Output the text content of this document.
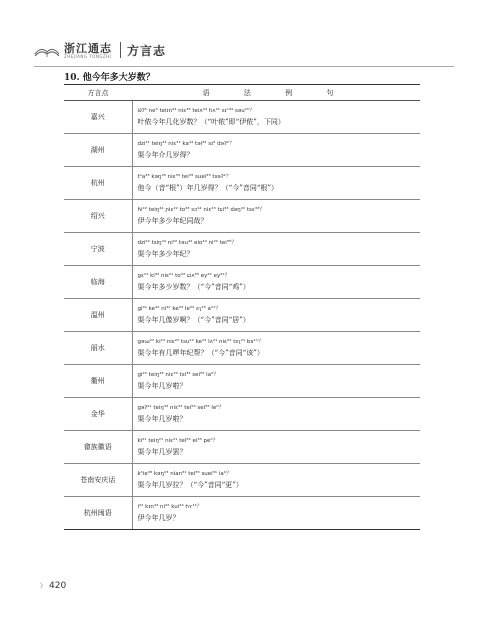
浙江通志
ZHEJIANG TONGZHI 方言志
10. 他今年多大岁数？
方言点	语 法 例 句
嘉兴	i∂ʔ⁵ ne³ teiɪn⁴⁴ niɛ³³ teiʌ⁴⁴ hʌ²¹ sɪⁿ⁴⁴ səu²¹？
叶侬今年几化岁数？（“叶侬”即“伊侬”，下同）

湖州	dzi¹¹ teiŋ⁴⁴ niɛ³¹ ka⁴⁴ təi³³ sɪ⁵ dəʔ²？
渠今年介几岁得？

杭州	tʰa³³ kəŋ³³ niɛ³³ tei³³ suei³³ tsəʔ²？
他今（音“根”）年几岁得？（“今”音同“根”）

绍兴	ɦi²² teiŋ⁴⁴ ɲiɛ²² to³³ sɔ⁴⁴ niɛ²³ tɕi³³ dəŋ²² tsɛ³³？
伊今年多少年纪同哉？

宁波	dzi²² tsiŋ⁴⁴ ni²² təu⁴⁴ eio⁴⁴ ni²² tei³⁵？
渠今年多少年纪？

临海	gɛ²¹ ki³³ niɛ²¹ to³³ ɕiʌ⁵⁵ ey²² ey²²？
渠今年多少岁数？（“今”音同“鸡”）

温州	gi³¹ ke⁴² ni⁴² ke³³ le⁵³ sʅ⁴⁵ a²¹？
渠今年几像岁啊？（“今”音同“居”）

丽水	gəɯ²² ki²⁴ niɛ²² tsu²² ke²⁴ lʌ²¹ niɛ²² tsʅ²¹ bɤ¹¹？
渠今年有几啰年纪帮？（“今”音同“该”）

衢州	gi²² teiŋ³³ niɛ³³ tsi³³ sei⁵⁵ la⁰？
渠今年几岁啦？

金华	gəʔ²¹ teiŋ³³ niɛ³³ tei⁵³ sei⁵⁵ le⁰？
渠今年几岁啦？

畲族徽语	ki²¹ teiŋ²¹ niɛ²¹ tei⁵³ ei³³ pe⁰？
渠今年几岁罢？

苍南安庆话	kʰie³³ kəŋ²³ nian³¹ tei⁵⁵ suei³¹ ia⁰？
渠今年几岁拉？（“今”音同“更”）

杭州闽语	i²² kɪn⁴⁴ ni²² kui⁴⁴ hʏ¹¹？
伊今年几岁？
》 420
